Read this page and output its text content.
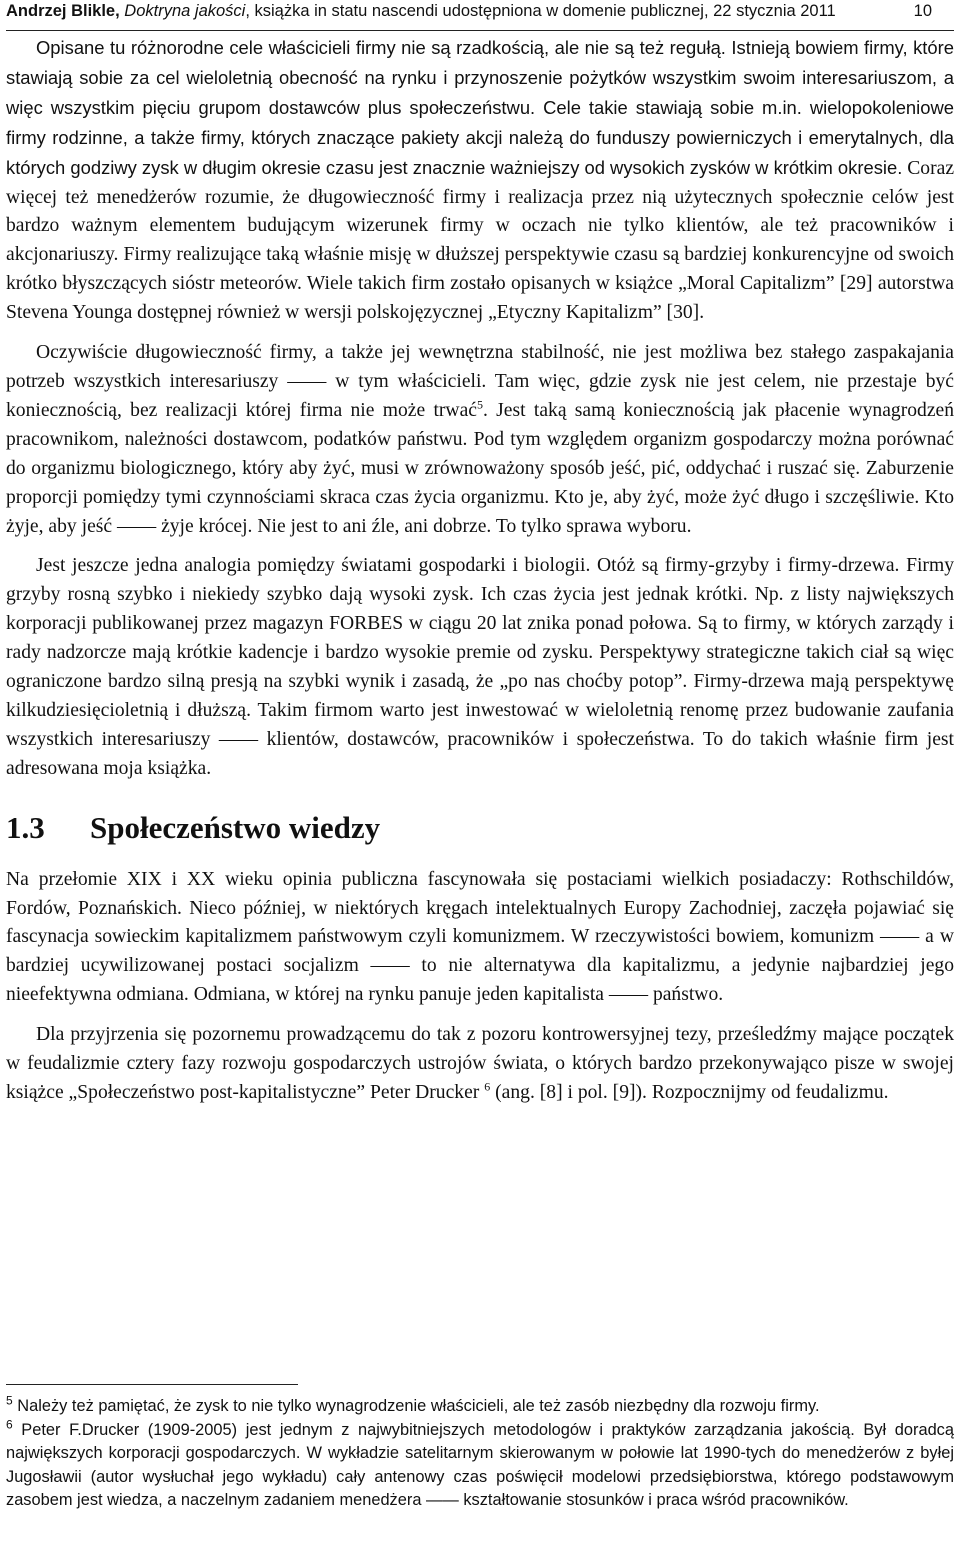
Andrzej Blikle, Doktryna jakości, książka in statu nascendi udostępniona w domenie publicznej, 22 stycznia 2011	10

Opisane tu różnorodne cele właścicieli firmy nie są rzadkością, ale nie są też regułą. Istnieją bowiem firmy, które stawiają sobie za cel wieloletnią obecność na rynku i przynoszenie pożytków wszystkim swoim interesariuszom, a więc wszystkim pięciu grupom dostawców plus społeczeństwu. Cele takie stawiają sobie m.in. wielopokoleniowe firmy rodzinne, a także firmy, których znaczące pakiety akcji należą do funduszy powierniczych i emerytalnych, dla których godziwy zysk w długim okresie czasu jest znacznie ważniejszy od wysokich zysków w krótkim okresie. Coraz więcej też menedżerów rozumie, że długowieczność firmy i realizacja przez nią użytecznych społecznie celów jest bardzo ważnym elementem budującym wizerunek firmy w oczach nie tylko klientów, ale też pracowników i akcjonariuszy. Firmy realizujące taką właśnie misję w dłuższej perspektywie czasu są bardziej konkurencyjne od swoich krótko błyszczących sióstr meteorów. Wiele takich firm zostało opisanych w książce „Moral Capitalizm” [29] autorstwa Stevena Younga dostępnej również w wersji polskojęzycznej „Etyczny Kapitalizm” [30].

Oczywiście długowieczność firmy, a także jej wewnętrzna stabilność, nie jest możliwa bez stałego zaspakajania potrzeb wszystkich interesariuszy —— w tym właścicieli. Tam więc, gdzie zysk nie jest celem, nie przestaje być koniecznością, bez realizacji której firma nie może trwać$^5$. Jest taką samą koniecznością jak płacenie wynagrodzeń pracownikom, należności dostawcom, podatków państwu. Pod tym względem organizm gospodarczy można porównać do organizmu biologicznego, który aby żyć, musi w zrównoważony sposób jeść, pić, oddychać i ruszać się. Zaburzenie proporcji pomiędzy tymi czynnościami skraca czas życia organizmu. Kto je, aby żyć, może żyć długo i szczęśliwie. Kto żyje, aby jeść —— żyje krócej. Nie jest to ani źle, ani dobrze. To tylko sprawa wyboru.

Jest jeszcze jedna analogia pomiędzy światami gospodarki i biologii. Otóż są firmy-grzyby i firmy-drzewa. Firmy grzyby rosną szybko i niekiedy szybko dają wysoki zysk. Ich czas życia jest jednak krótki. Np. z listy największych korporacji publikowanej przez magazyn FORBES w ciągu 20 lat znika ponad połowa. Są to firmy, w których zarządy i rady nadzorcze mają krótkie kadencje i bardzo wysokie premie od zysku. Perspektywy strategiczne takich ciał są więc ograniczone bardzo silną presją na szybki wynik i zasadą, że „po nas choćby potop”. Firmy-drzewa mają perspektywę kilkudziesięcioletnią i dłuższą. Takim firmom warto jest inwestować w wieloletnią renomę przez budowanie zaufania wszystkich interesariuszy —— klientów, dostawców, pracowników i społeczeństwa. To do takich właśnie firm jest adresowana moja książka.

1.3	Społeczeństwo wiedzy

Na przełomie XIX i XX wieku opinia publiczna fascynowała się postaciami wielkich posiadaczy: Rothschildów, Fordów, Poznańskich. Nieco później, w niektórych kręgach intelektualnych Europy Zachodniej, zaczęła pojawiać się fascynacja sowieckim kapitalizmem państwowym czyli komunizmem. W rzeczywistości bowiem, komunizm —— a w bardziej ucywilizowanej postaci socjalizm —— to nie alternatywa dla kapitalizmu, a jedynie najbardziej jego nieefektywna odmiana. Odmiana, w której na rynku panuje jeden kapitalista —— państwo.

Dla przyjrzenia się pozornemu prowadzącemu do tak z pozoru kontrowersyjnej tezy, prześledźmy mające początek w feudalizmie cztery fazy rozwoju gospodarczych ustrojów świata, o których bardzo przekonywająco pisze w swojej książce „Społeczeństwo post-kapitalistyczne” Peter Drucker $^6$ (ang. [8] i pol. [9]). Rozpocznijmy od feudalizmu.

$^5$ Należy też pamiętać, że zysk to nie tylko wynagrodzenie właścicieli, ale też zasób niezbędny dla rozwoju firmy.

$^6$ Peter F.Drucker (1909-2005) jest jednym z najwybitniejszych metodologów i praktyków zarządzania jakością. Był doradcą największych korporacji gospodarczych. W wykładzie satelitarnym skierowanym w połowie lat 1990-tych do menedżerów z byłej Jugosławii (autor wysłuchał jego wykładu) cały antenowy czas poświęcił modelowi przedsiębiorstwa, którego podstawowym zasobem jest wiedza, a naczelnym zadaniem menedżera —— kształtowanie stosunków i praca wśród pracowników.
